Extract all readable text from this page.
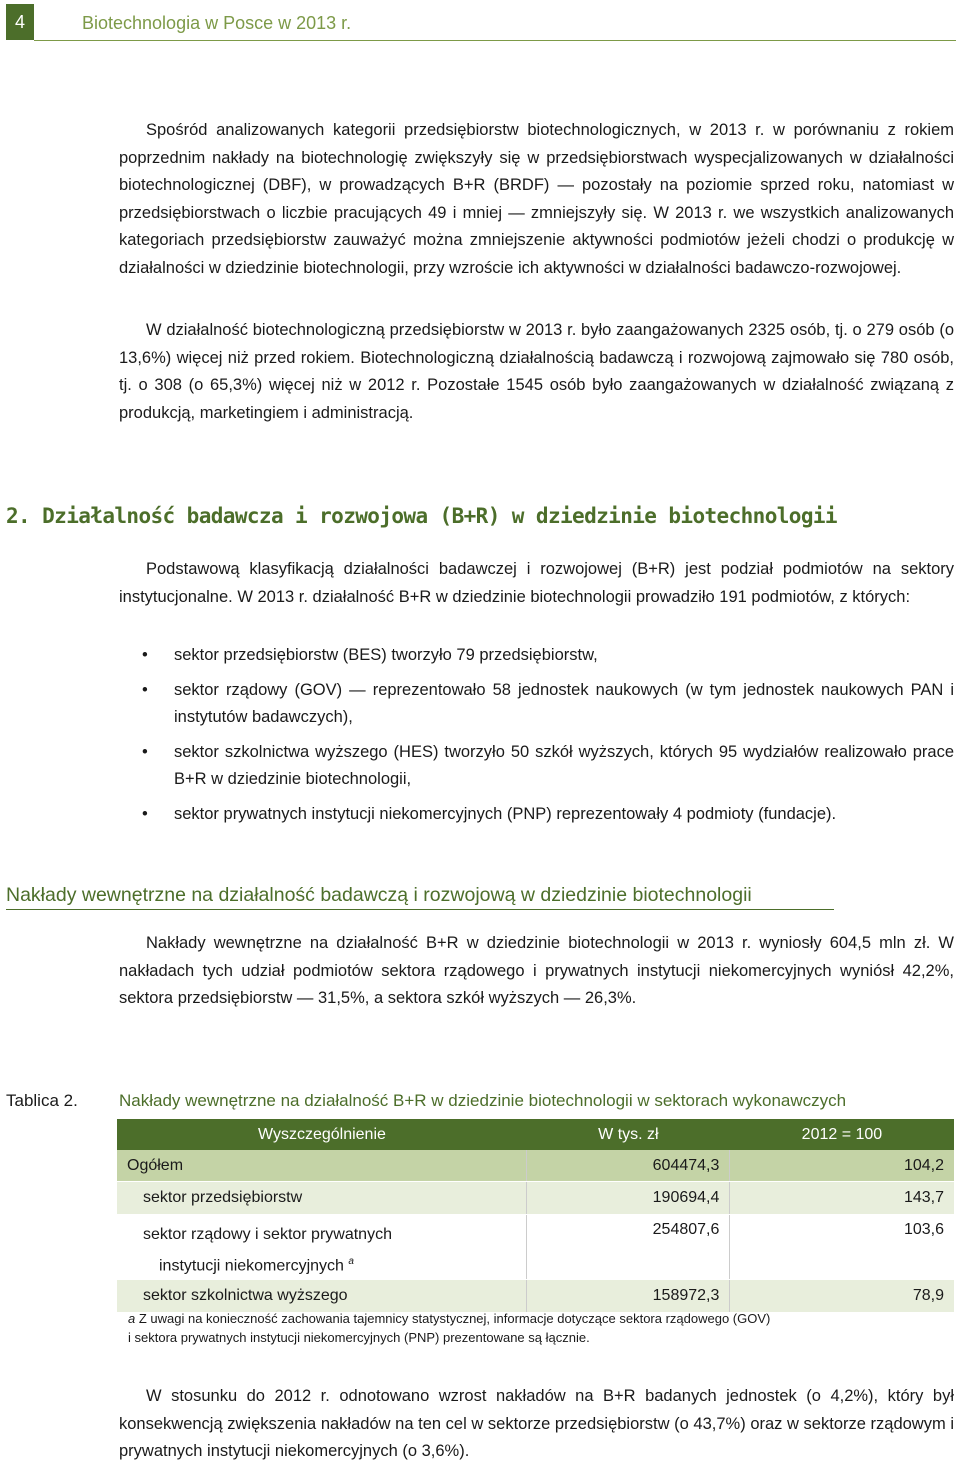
4	Biotechnologia w Posce w 2013 r.

Spośród analizowanych kategorii przedsiębiorstw biotechnologicznych, w 2013 r. w porównaniu z rokiem poprzednim nakłady na biotechnologię zwiększyły się w przedsiębiorstwach wyspecjalizowanych w działalności biotechnologicznej (DBF), w prowadzących B+R (BRDF) — pozostały na poziomie sprzed roku, natomiast w przedsiębiorstwach o liczbie pracujących 49 i mniej — zmniejszyły się. W 2013 r. we wszystkich analizowanych kategoriach przedsiębiorstw zauważyć można zmniejszenie aktywności podmiotów jeżeli chodzi o produkcję w działalności w dziedzinie biotechnologii, przy wzroście ich aktywności w działalności badawczo-rozwojowej.

W działalność biotechnologiczną przedsiębiorstw w 2013 r. było zaangażowanych 2325 osób, tj. o 279 osób (o 13,6%) więcej niż przed rokiem. Biotechnologiczną działalnością badawczą i rozwojową zajmowało się 780 osób, tj. o 308 (o 65,3%) więcej niż w 2012 r. Pozostałe 1545 osób było zaangażowanych w działalność związaną z produkcją, marketingiem i administracją.

2. Działalność badawcza i rozwojowa (B+R) w dziedzinie biotechnologii

Podstawową klasyfikacją działalności badawczej i rozwojowej (B+R) jest podział podmiotów na sektory instytucjonalne. W 2013 r. działalność B+R w dziedzinie biotechnologii prowadziło 191 podmiotów, z których:

• sektor przedsiębiorstw (BES) tworzyło 79 przedsiębiorstw,
• sektor rządowy (GOV) — reprezentowało 58 jednostek naukowych (w tym jednostek naukowych PAN i instytutów badawczych),
• sektor szkolnictwa wyższego (HES) tworzyło 50 szkół wyższych, których 95 wydziałów realizowało prace B+R w dziedzinie biotechnologii,
• sektor prywatnych instytucji niekomercyjnych (PNP) reprezentowały 4 podmioty (fundacje).
Nakłady wewnętrzne na działalność badawczą i rozwojową w dziedzinie biotechnologii

Nakłady wewnętrzne na działalność B+R w dziedzinie biotechnologii w 2013 r. wyniosły 604,5 mln zł. W nakładach tych udział podmiotów sektora rządowego i prywatnych instytucji niekomercyjnych wyniósł 42,2%, sektora przedsiębiorstw — 31,5%, a sektora szkół wyższych — 26,3%.

Tablica 2. Nakłady wewnętrzne na działalność B+R w dziedzinie biotechnologii w sektorach wykonawczych
Wyszczególnienie	W tys. zł	2012 = 100
Ogółem	604474,3	104,2
sektor przedsiębiorstw	190694,4	143,7

sektor rządowy i sektor prywatnych
instytucji niekomercyjnych $^a$	254807,6	103,6
sektor szkolnictwa wyższego	158972,3	78,9
a Z uwagi na konieczność zachowania tajemnicy statystycznej, informacje dotyczące sektora rządowego (GOV)
i sektora prywatnych instytucji niekomercyjnych (PNP) prezentowane są łącznie.

W stosunku do 2012 r. odnotowano wzrost nakładów na B+R badanych jednostek (o 4,2%), który był konsekwencją zwiększenia nakładów na ten cel w sektorze przedsiębiorstw (o 43,7%) oraz w sektorze rządowym i prywatnych instytucji niekomercyjnych (o 3,6%).
